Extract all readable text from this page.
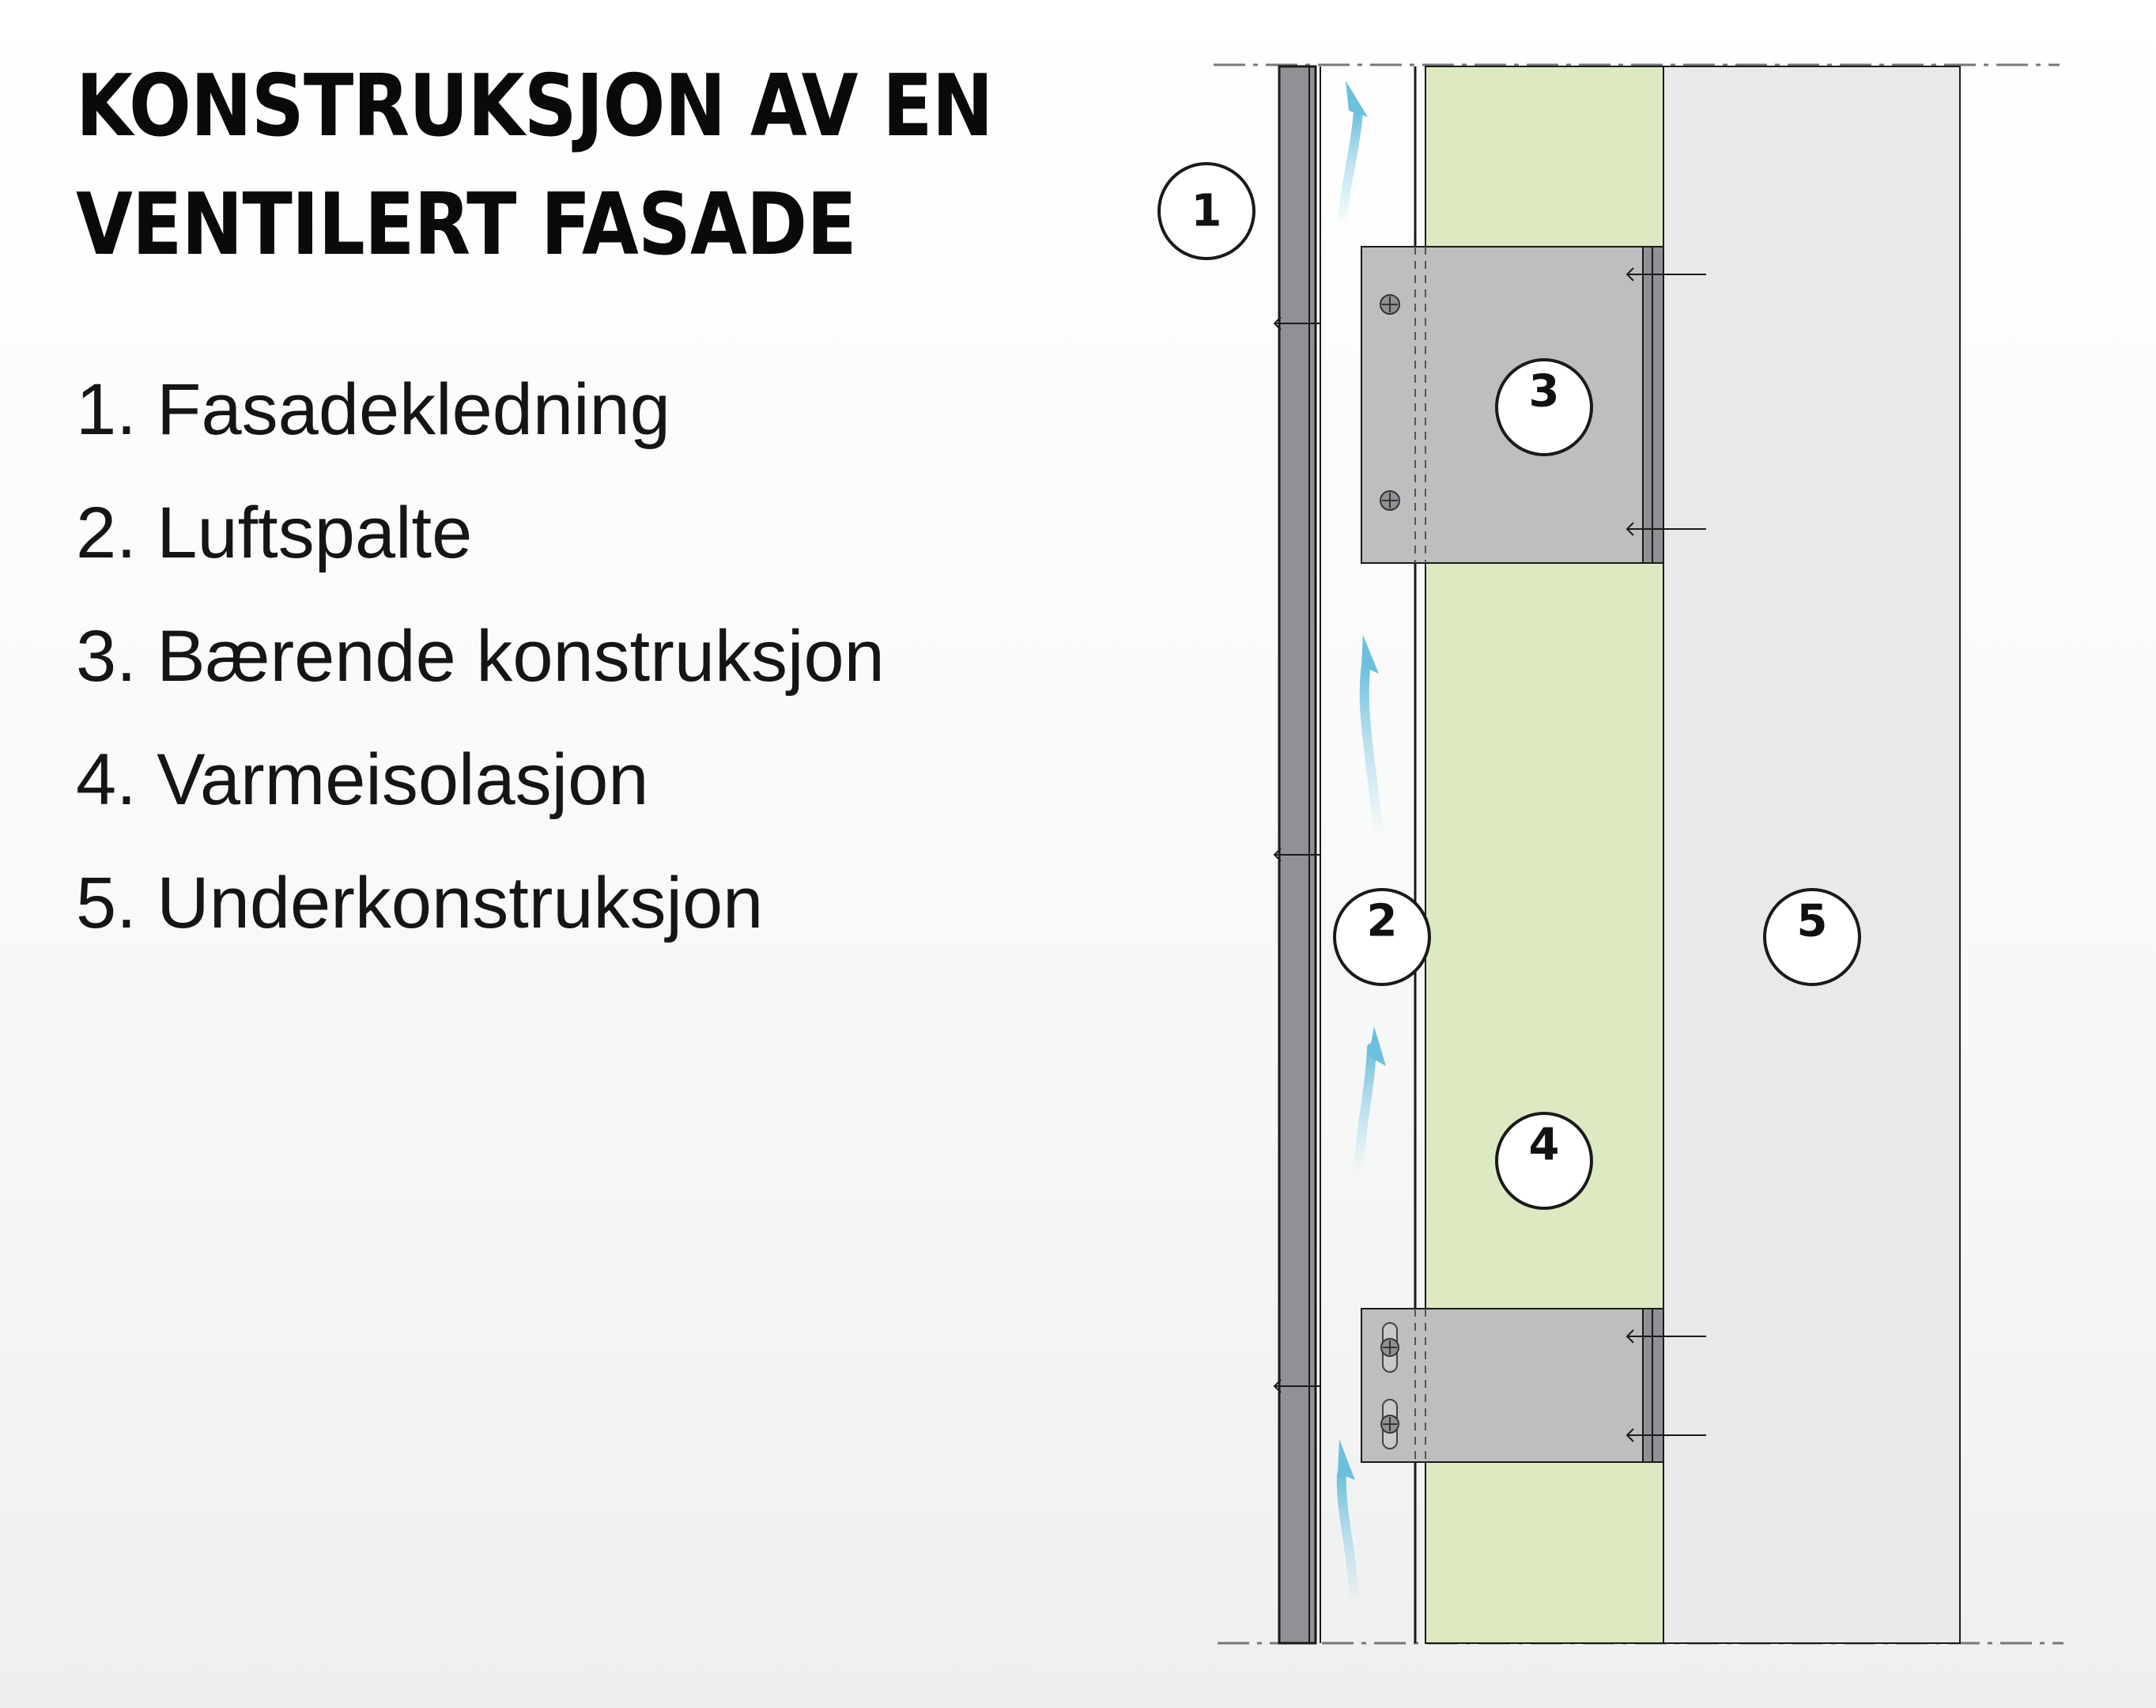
KONSTRUKSJON AV EN
VENTILERT FASADE
1. Fasadekledning
2. Luftspalte
3. Bærende konstruksjon
4. Varmeisolasjon
5. Underkonstruksjon
1
2
3
4
5
